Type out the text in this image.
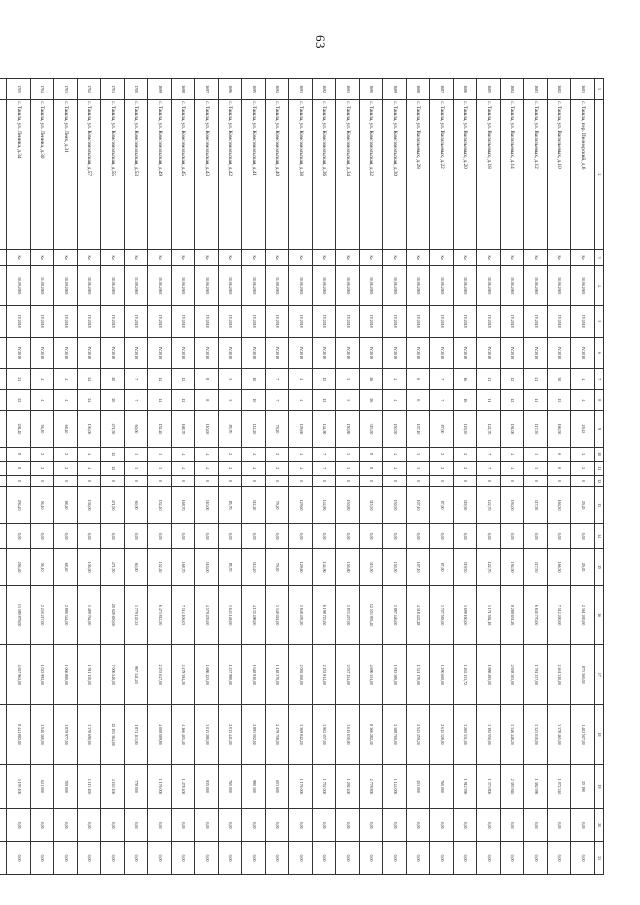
63
1	2	3	4	5	6	7	8	9	10	11	12	13	14	15	16	17	18	19	20	21
1681	с. Ташла, пер. Пионерский, д.6	Ко	30.06.2065	IV.2018	IV.2018	4	4	29,45	2	2	0	29,45	0,00	29,45	2 361 265,00	873 360,00	1 402 507,00	25 190	0,00	0,00
1682	с. Ташла, ул. Васильевых, д.10	Ко	30.06.2065	IV.2018	IV.2018	30	15	166,50	6	6	0	166,50	0,00	166,50	7 512 200,00	2 461 320,00	3 378 465,00	1 072 340	0,00	0,00
1683	с. Ташла, ул. Васильевых, д.12	Ко	30.06.2065	IV.2018	IV.2018	41	11	117,50	3	3	0	117,50	0,00	117,50	6 840 770,00	1 781 357,00	3 323 010,00	1 382 590	0,00	0,00
1684	с. Ташла, ул. Васильевых, д.14	Ко	30.06.2065	IV.2018	IV.2018	12	12	194,00	4	4	0	194,00	0,00	194,00	8 288 651,26	2 658 305,00	3 346 448,20	2 383 940	0,00	0,00
1685	с. Ташла, ул. Васильевых, д.18	Ко	30.06.2065	IV.2018	IV.2018	11	11	122,70	7	7	0	122,70	0,00	122,70	3 171 584,18	1 888 495,00	3 192 550,00	1 373 800	0,00	0,00
1686	с. Ташла, ул. Васильевых, д.20	Ко	30.06.2065	IV.2018	IV.2018	16	16	119,50	2	2	0	119,50	0,00	119,50	3 699 160,00	1 263 133,72	3 265 331,00	1 912 590	0,00	0,00
1687	с. Ташла, ул. Васильевых, д.22	Ко	30.06.2065	IV.2018	IV.2018	7	7	87,00	2	2	0	87,00	0,00	87,00	3 707 583,00	1 290 600,00	2 611 328,00	760 000	0,00	0,00
1688	с. Ташла, ул. Васильевых, д.28	Ко	30.06.2065	IV.2018	IV.2018	6	6	107,10	3	3	0	107,10	0,00	107,10	4 318 422,28	1 321 170,00	2 543 159,20	453 000	0,00	0,00
1689	с. Ташла, ул. Комсомольская, д.30	Ко	30.06.2065	IV.2018	IV.2018	4	4	150,50	4	4	0	150,50	0,00	150,50	5 887 446,00	1 915 380,00	2 388 700,00	1 144 000	0,00	0,00
1690	с. Ташла, ул. Комсомольская, д.32	Ко	30.06.2065	IV.2018	IV.2018	26	26	315,50	8	8	0	315,50	0,00	315,50	12 553 935,40	4 696 354,00	8 366 282,40	2 778 800	0,00	0,00
1691	с. Ташла, ул. Комсомольская, д.34	Ко	30.06.2065	IV.2018	IV.2018	5	5	150,80	3	3	0	150,80	0,00	150,80	5 833 457,00	2 037 124,00	3 611 030,00	1 292 400	0,00	0,00
1692	с. Ташла, ул. Комсомольская, д.36	Ко	30.06.2065	IV.2018	IV.2018	12	12	144,90	7	7	0	144,90	0,00	144,90	6 198 723,00	2 152 914,00	3 902 157,00	1 752 000	0,00	0,00
1693	с. Ташла, ул. Комсомольская, д.38	Ко	30.06.2065	IV.2018	IV.2018	4	4	129,60	4	4	0	129,60	0,00	129,60	5 848 493,20	2 092 360,00	3 369 842,20	1 176 000	0,00	0,00
1694	с. Ташла, ул. Комсомольская, д.40	Ко	31.08.2065	IV.2018	IV.2018	7	7	79,20	2	2	0	79,20	0,00	79,20	3 348 024,00	1 148 370,00	2 479 758,00	653 600	0,00	0,00
1695	с. Ташла, ул. Комсомольская, д.41	Ко	30.06.2065	IV.2018	IV.2018	10	10	112,20	4	4	0	112,20	0,00	112,20	4 135 498,00	1 648 910,00	2 893 502,00	980 300	0,00	0,00
1696	с. Ташла, ул. Комсомольская, д.42	Ко	30.06.2065	IV.2018	IV.2018	5	5	85,70	2	2	0	85,70	0,00	85,70	3 643 148,00	1 237 980,00	2 013 441,00	765 000	0,00	0,00
1697	с. Ташла, ул. Комсомольская, д.43	Ко	30.06.2065	IV.2018	IV.2018	8	8	110,00	4	4	0	110,00	0,00	110,00	4 579 455,00	1 686 125,00	3 013 280,00	935 000	0,00	0,00
1698	с. Ташла, ул. Комсомольская, д.45	Ко	30.06.2065	IV.2018	IV.2018	12	12	168,70	4	4	0	168,70	0,00	168,70	7 114 106,03	2 479 394,20	4 166 405,40	1 478 400	0,00	0,00
1699	с. Ташла, ул. Комсомольская, д.49	Ко	30.06.2065	IV.2018	IV.2018	14	14	152,40	3	3	0	152,40	0,00	152,40	6 473 812,50	2 253 047,00	4 008 089,80	1 176 000	0,00	0,00
1700	с. Ташла, ул. Комсомольская, д.53	Ко	31.08.2065	IV.2018	IV.2018	7	7	60,00	3	3	0	60,00	0,00	60,00	3 779 145,35	967 341,20	1 871 113,00	778 000	0,00	0,00
1701	с. Ташла, ул. Комсомольская, д.55	Ко	30.06.2065	IV.2018	IV.2018	20	20	471,50	12	12	0	471,50	0,00	471,50	20 028 650,00	7 006 240,00	12 153 364,00	4 163 100	0,00	0,00
1702	с. Ташла, ул. Комсомольская, д.57	Ко	30.06.2065	IV.2018	IV.2018	24	24	136,00	4	4	0	136,00	0,00	136,00	5 489 764,00	1 911 130,00	3 378 690,00	1 113 100	0,00	0,00
1703	с. Ташла, ул. Леях, д.31	Ко	30.09.2065	IV.2018	IV.2018	4	4	68,40	2	2	0	68,40	0,00	68,40	2 886 344,00	1 066 880,00	1 879 977,00	709 000	0,00	0,00
1704	с. Ташла, ул. Ленина, д.30	Ко	31.08.2065	IV.2018	IV.2018	4	4	56,10	2	2	0	56,10	0,00	56,10	2 230 217,00	1 023 992,00	1 540 160,00	621 000	0,00	0,00
1705	с. Ташла, ул. Ленина, д.34	Ко	30.09.2065	IV.2018	IV.2018	21	22	294,40	8	8	0	294,40	0,00	294,40	13 589 879,00	4 657 962,00	8 441 882,00	3 193 100	0,00	0,00
